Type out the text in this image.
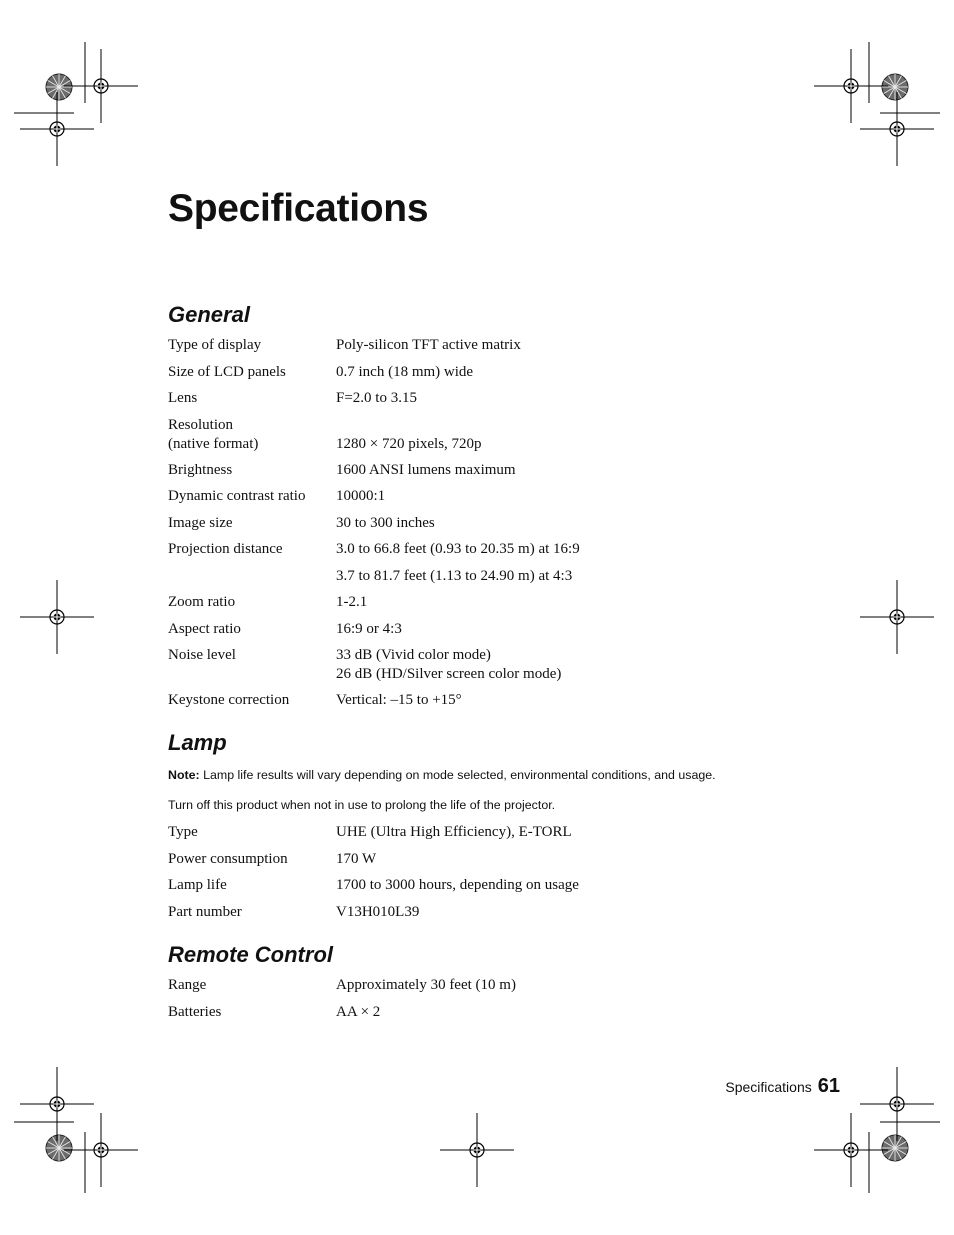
Specifications
General
Type of display	Poly-silicon TFT active matrix
Size of LCD panels	0.7 inch (18 mm) wide
Lens	F=2.0 to 3.15
Resolution
(native format)	1280 × 720 pixels, 720p
Brightness	1600 ANSI lumens maximum
Dynamic contrast ratio	10000:1
Image size	30 to 300 inches
Projection distance	3.0 to 66.8 feet (0.93 to 20.35 m) at 16:9
3.7 to 81.7 feet (1.13 to 24.90 m) at 4:3
Zoom ratio	1-2.1
Aspect ratio	16:9 or 4:3
Noise level	33 dB (Vivid color mode)
26 dB (HD/Silver screen color mode)
Keystone correction	Vertical: –15 to +15°
Lamp
Note: Lamp life results will vary depending on mode selected, environmental conditions, and usage.
Turn off this product when not in use to prolong the life of the projector.
Type	UHE (Ultra High Efficiency), E-TORL
Power consumption	170 W
Lamp life	1700 to 3000 hours, depending on usage
Part number	V13H010L39
Remote Control
Range	Approximately 30 feet (10 m)
Batteries	AA × 2
Specifications 61
